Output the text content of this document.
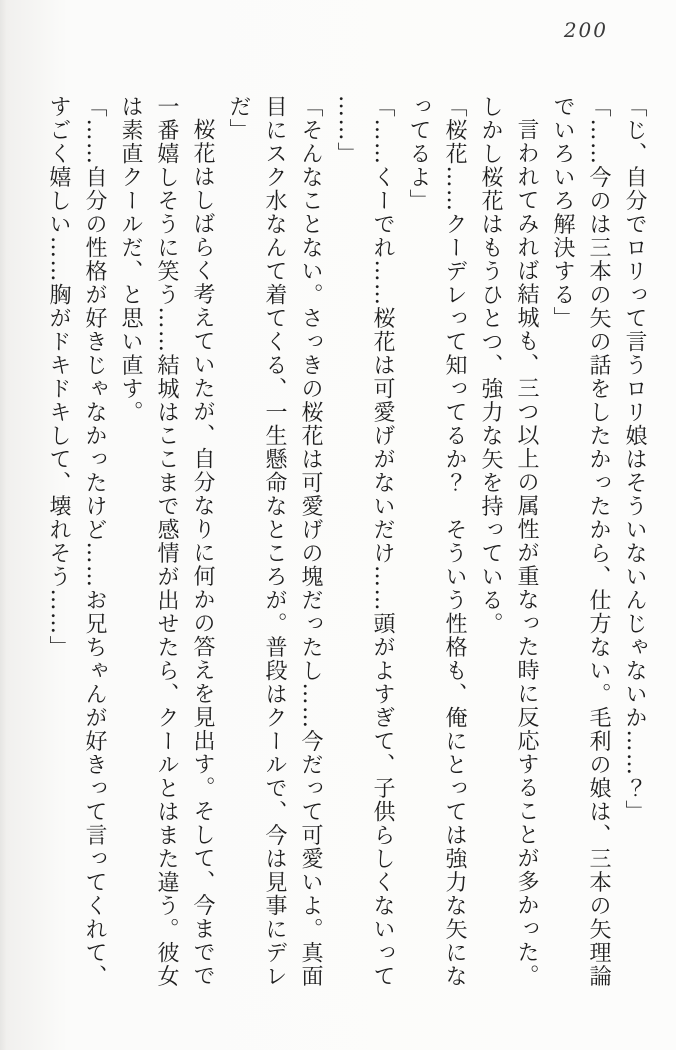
200
「じ、自分でロリって言うロリ娘はそういないんじゃないか……？」
「……今のは三本の矢の話をしたかったから、仕方ない。毛利の娘は、三本の矢理論
でいろいろ解決する」
言われてみれば結城も、三つ以上の属性が重なった時に反応することが多かった。
しかし桜花はもうひとつ、強力な矢を持っている。
「桜花……クーデレって知ってるか？　そういう性格も、俺にとっては強力な矢にな
ってるよ」
「……くーでれ……桜花は可愛げがないだけ……頭がよすぎて、子供らしくないって
……」
「そんなことない。さっきの桜花は可愛げの塊だったし……今だって可愛いよ。真面
目にスク水なんて着てくる、一生懸命なところが。普段はクールで、今は見事にデレ
だ」
桜花はしばらく考えていたが、自分なりに何かの答えを見出す。そして、今までで
一番嬉しそうに笑う……結城はここまで感情が出せたら、クールとはまた違う。彼女
は素直クールだ、と思い直す。
「……自分の性格が好きじゃなかったけど……お兄ちゃんが好きって言ってくれて、
すごく嬉しい……胸がドキドキして、壊れそう……」
